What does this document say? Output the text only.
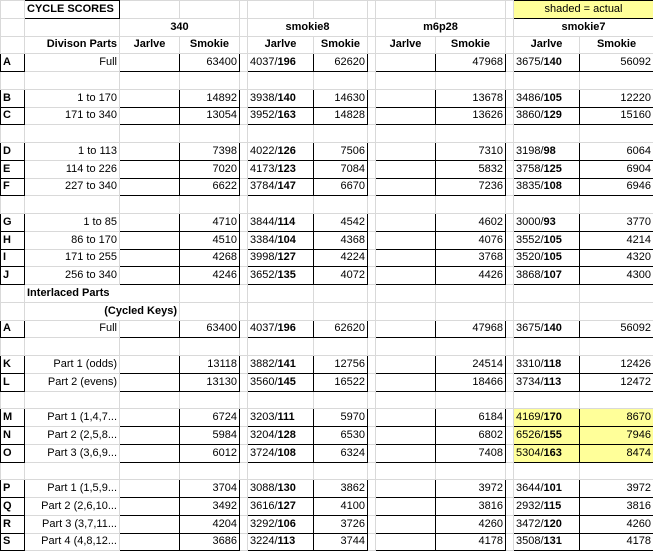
	CYCLE SCORES										shaded = actual	
		340			smokie8			m6p28			smokie7	
	Divison Parts	Jarlve	Smokie		Jarlve	Smokie		Jarlve	Smokie		Jarlve	Smokie
A	Full		63400		4037/196	62620			47968		3675/140	56092

B	1 to 170		14892		3938/140	14630			13678		3486/105	12220
C	171 to 340		13054		3952/163	14828			13626		3860/129	15160

D	1 to 113		7398		4022/126	7506			7310		3198/98	6064
E	114 to 226		7020		4173/123	7084			5832		3758/125	6904
F	227 to 340		6622		3784/147	6670			7236		3835/108	6946

G	1 to 85		4710		3844/114	4542			4602		3000/93	3770
H	86 to 170		4510		3384/104	4368			4076		3552/105	4214
I	171 to 255		4268		3998/127	4224			3768		3520/105	4320
J	256 to 340		4246		3652/135	4072			4426		3868/107	4300
	Interlaced Parts											
	(Cycled Keys)											
A	Full		63400		4037/196	62620			47968		3675/140	56092

K	Part 1 (odds)		13118		3882/141	12756			24514		3310/118	12426
L	Part 2 (evens)		13130		3560/145	16522			18466		3734/113	12472

M	Part 1 (1,4,7...		6724		3203/111	5970			6184		4169/170	8670
N	Part 2 (2,5,8...		5984		3204/128	6530			6802		6526/155	7946
O	Part 3 (3,6,9...		6012		3724/108	6324			7408		5304/163	8474

P	Part 1 (1,5,9...		3704		3088/130	3862			3972		3644/101	3972
Q	Part 2 (2,6,10...		3492		3616/127	4100			3816		2932/115	3816
R	Part 3 (3,7,11...		4204		3292/106	3726			4260		3472/120	4260
S	Part 4 (4,8,12...		3686		3224/113	3744			4178		3508/131	4178
